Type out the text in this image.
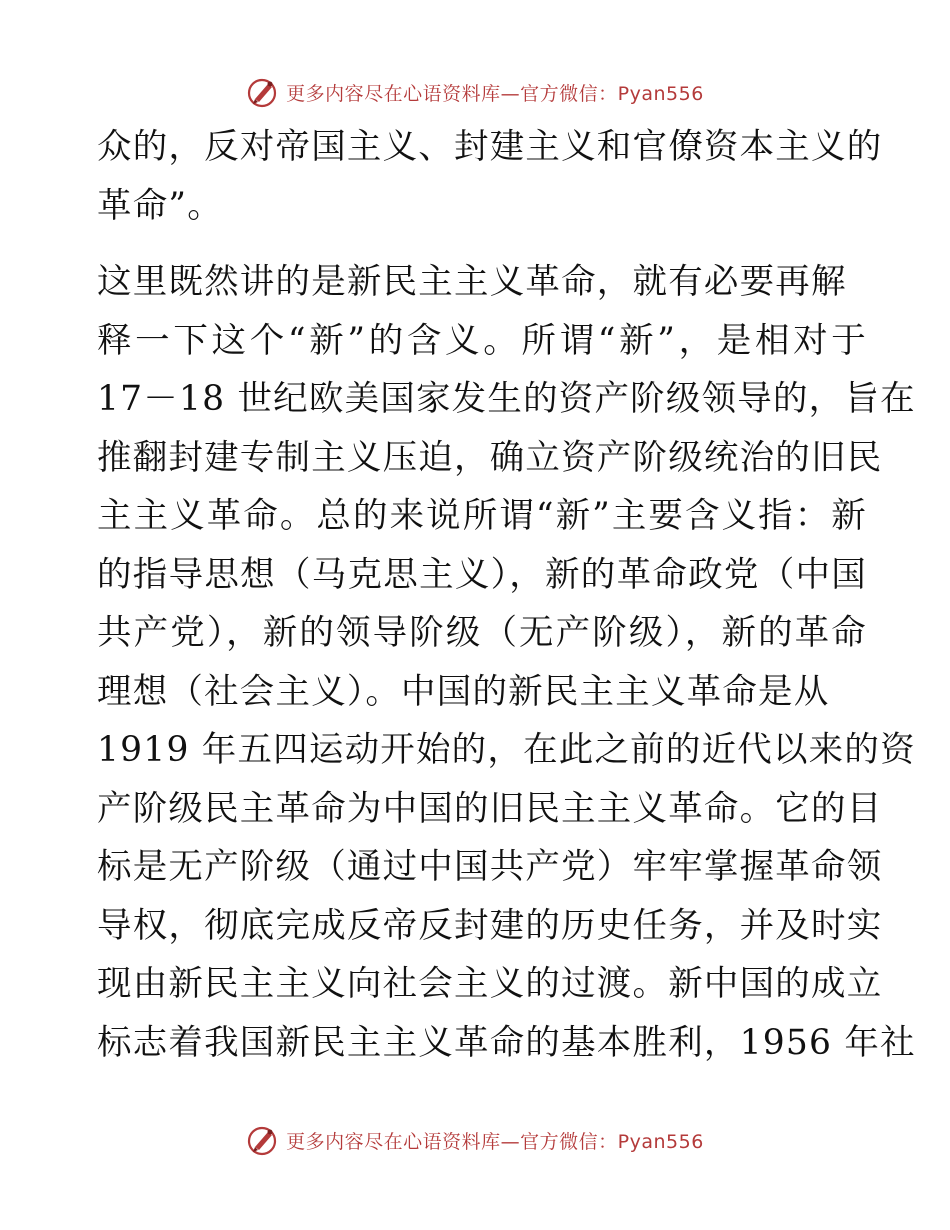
更多内容尽在心语资料库—官方微信：Pyan556
众的，反对帝国主义、封建主义和官僚资本主义的
革命”。
这里既然讲的是新民主主义革命，就有必要再解
释一下这个“新”的含义。所谓“新”，是相对于
17－18 世纪欧美国家发生的资产阶级领导的，旨在
推翻封建专制主义压迫，确立资产阶级统治的旧民
主主义革命。总的来说所谓“新”主要含义指：新
的指导思想（马克思主义），新的革命政党（中国
共产党），新的领导阶级（无产阶级），新的革命
理想（社会主义）。中国的新民主主义革命是从
1919 年五四运动开始的，在此之前的近代以来的资
产阶级民主革命为中国的旧民主主义革命。它的目
标是无产阶级（通过中国共产党）牢牢掌握革命领
导权，彻底完成反帝反封建的历史任务，并及时实
现由新民主主义向社会主义的过渡。新中国的成立
标志着我国新民主主义革命的基本胜利，1956 年社
更多内容尽在心语资料库—官方微信：Pyan556
